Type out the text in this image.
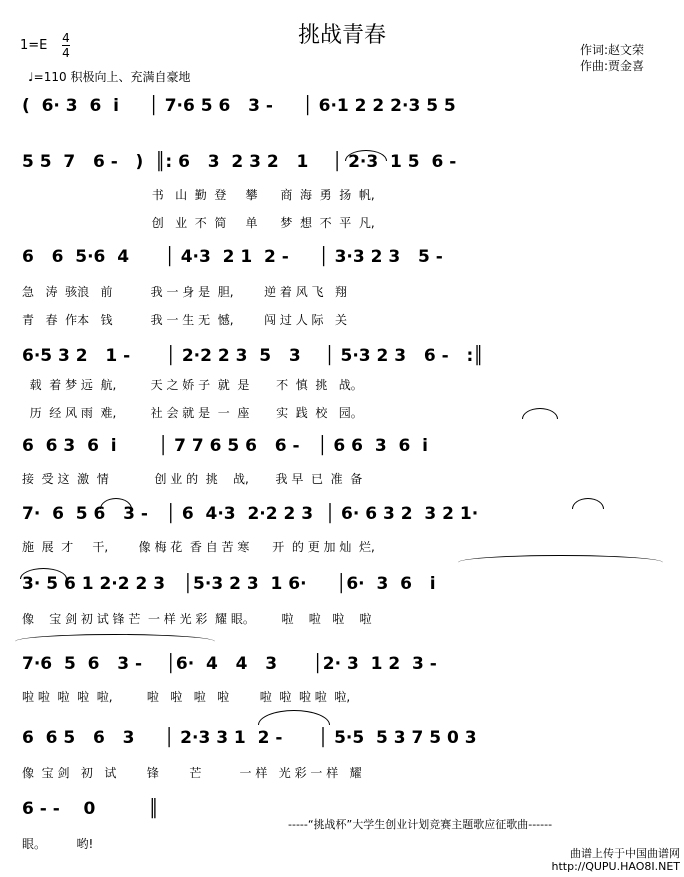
挑战青春
1=E 4
4
♩=110 积极向上、充满自豪地
作词:赵文荣
作曲:贾金喜
(  6· 3  6  i     │ 7·6 5 6   3 -     │ 6·1 2 2 2·3 5 5
5 5  7   6 -   )  ║: 6   3  2 3 2   1    │ 2·3  1 5  6 -
书   山  勤  登     攀      商  海  勇  扬  帆,
创   业  不  简     单      梦  想  不  平  凡,
6   6  5·6  4      │ 4·3  2 1  2 -     │ 3·3 2 3   5 -
急   涛  骇浪   前          我 一 身 是  胆,        逆 着 风 飞   翔
青   春  作本   钱          我 一 生 无  憾,        闯 过 人 际   关
6·5 3 2   1 -      │ 2·2 2 3  5   3    │ 5·3 2 3   6 -   :║
载  着 梦 远  航,         天 之 娇 子  就  是       不  慎  挑   战。
历  经 风 雨  难,         社 会 就 是  一  座       实  践  校   园。
6  6 3  6  i       │ 7 7 6 5 6   6 -   │ 6 6  3  6  i
接  受 这  激  情            创 业 的  挑    战,       我 早  已  准  备
7·  6  5 6   3 -   │ 6  4·3  2·2 2 3  │ 6· 6 3 2  3 2 1·
施  展  才     干,        像 梅 花  香 自 苦 寒      开  的 更 加 灿  烂,
3· 5 6 1 2·2 2 3   │5·3 2 3  1 6·     │6·  3  6   i
像    宝 剑 初 试 锋 芒  一 样 光 彩  耀 眼。       啦    啦   啦    啦
7·6  5  6   3 -    │6·  4   4   3      │2· 3  1 2  3 -
啦 啦  啦  啦  啦,         啦   啦   啦   啦        啦  啦  啦 啦  啦,
6  6 5   6   3     │ 2·3 3 1  2 -      │ 5·5  5 3 7 5 0 3
像  宝 剑   初   试        锋        芒          一 样   光 彩 一 样   耀
6 - -    0         ║
眼。        哟!
-----“挑战杯”大学生创业计划竞赛主题歌应征歌曲------
曲谱上传于中国曲谱网
http://QUPU.HAO8I.NET
